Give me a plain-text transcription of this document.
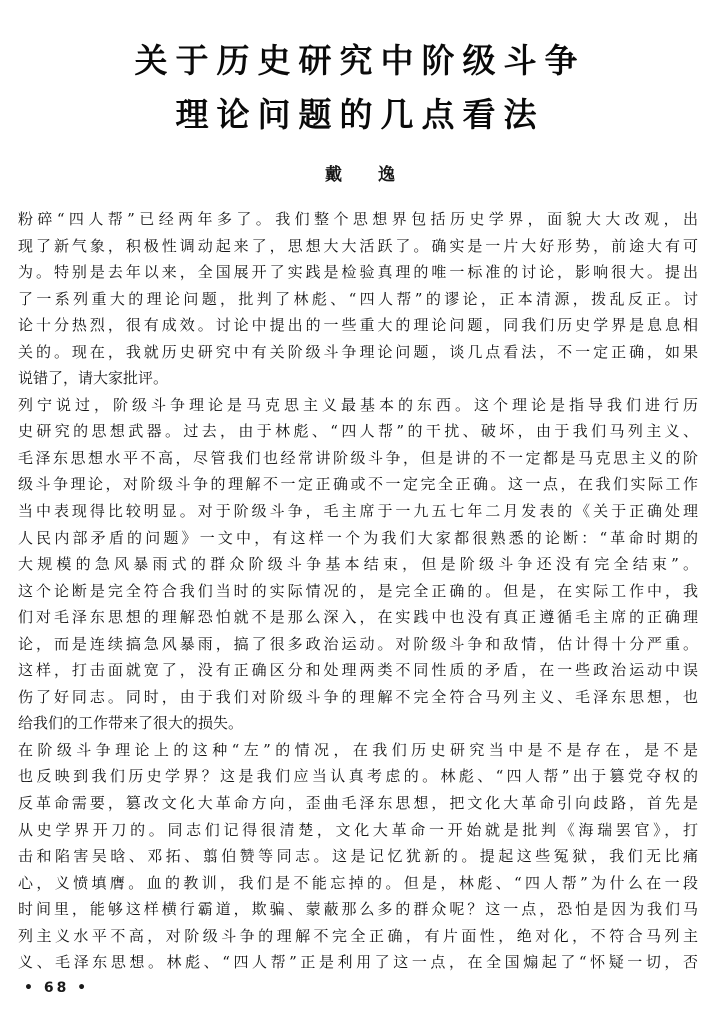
关于历史研究中阶级斗争
理论问题的几点看法
戴逸
粉碎“四人帮”已经两年多了。我们整个思想界包括历史学界，面貌大大改观，出
现了新气象，积极性调动起来了，思想大大活跃了。确实是一片大好形势，前途大有可
为。特别是去年以来，全国展开了实践是检验真理的唯一标准的讨论，影响很大。提出
了一系列重大的理论问题，批判了林彪、“四人帮”的谬论，正本清源，拨乱反正。讨
论十分热烈，很有成效。讨论中提出的一些重大的理论问题，同我们历史学界是息息相
关的。现在，我就历史研究中有关阶级斗争理论问题，谈几点看法，不一定正确，如果
说错了，请大家批评。
列宁说过，阶级斗争理论是马克思主义最基本的东西。这个理论是指导我们进行历
史研究的思想武器。过去，由于林彪、“四人帮”的干扰、破坏，由于我们马列主义、
毛泽东思想水平不高，尽管我们也经常讲阶级斗争，但是讲的不一定都是马克思主义的阶
级斗争理论，对阶级斗争的理解不一定正确或不一定完全正确。这一点，在我们实际工作
当中表现得比较明显。对于阶级斗争，毛主席于一九五七年二月发表的《关于正确处理
人民内部矛盾的问题》一文中，有这样一个为我们大家都很熟悉的论断：“革命时期的
大规模的急风暴雨式的群众阶级斗争基本结束，但是阶级斗争还没有完全结束”。
这个论断是完全符合我们当时的实际情况的，是完全正确的。但是，在实际工作中，我
们对毛泽东思想的理解恐怕就不是那么深入，在实践中也没有真正遵循毛主席的正确理
论，而是连续搞急风暴雨，搞了很多政治运动。对阶级斗争和敌情，估计得十分严重。
这样，打击面就宽了，没有正确区分和处理两类不同性质的矛盾，在一些政治运动中误
伤了好同志。同时，由于我们对阶级斗争的理解不完全符合马列主义、毛泽东思想，也
给我们的工作带来了很大的损失。
在阶级斗争理论上的这种“左”的情况，在我们历史研究当中是不是存在，是不是
也反映到我们历史学界？这是我们应当认真考虑的。林彪、“四人帮”出于篡党夺权的
反革命需要，篡改文化大革命方向，歪曲毛泽东思想，把文化大革命引向歧路，首先是
从史学界开刀的。同志们记得很清楚，文化大革命一开始就是批判《海瑞罢官》，打
击和陷害吴晗、邓拓、翦伯赞等同志。这是记忆犹新的。提起这些冤狱，我们无比痛
心，义愤填膺。血的教训，我们是不能忘掉的。但是，林彪、“四人帮”为什么在一段
时间里，能够这样横行霸道，欺骗、蒙蔽那么多的群众呢？这一点，恐怕是因为我们马
列主义水平不高，对阶级斗争的理解不完全正确，有片面性，绝对化，不符合马列主
义、毛泽东思想。林彪、“四人帮”正是利用了这一点，在全国煽起了“怀疑一切，否
• 68 •
